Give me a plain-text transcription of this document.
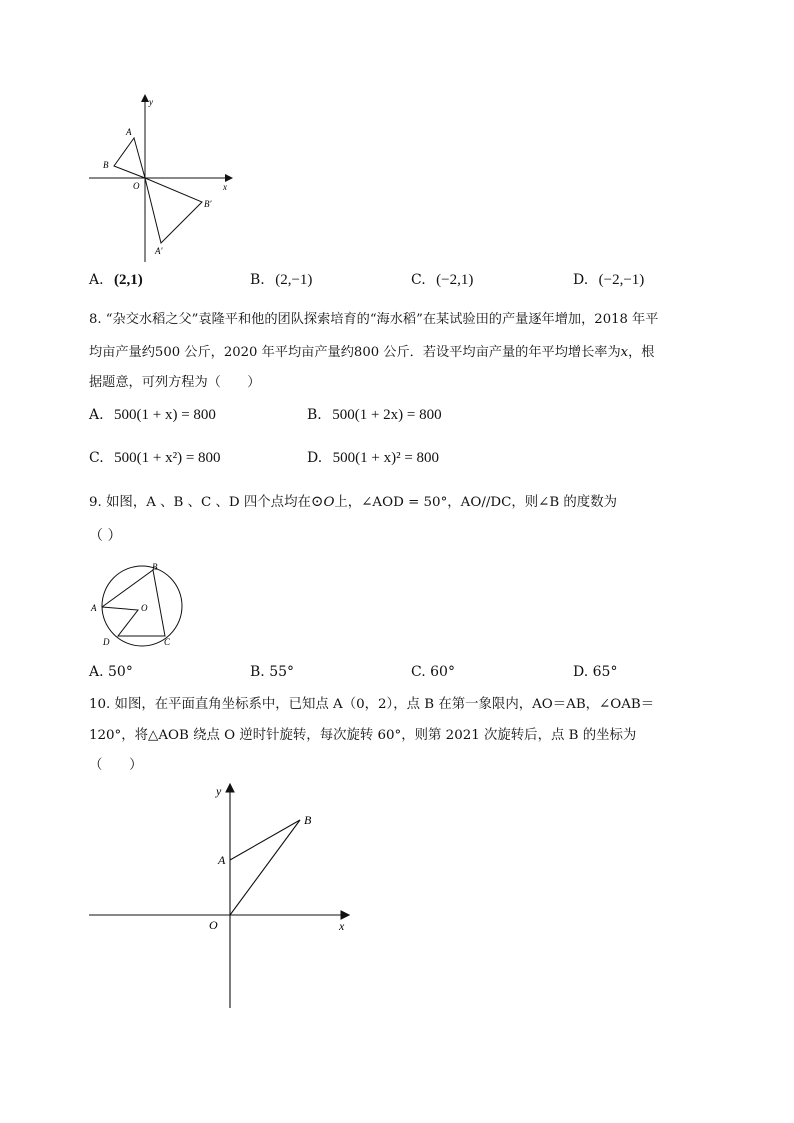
y
x
O
A
B
B'
A'
A. (2,1)	B. (2,−1)	C. (−2,1)	D. (−2,−1)
8. “杂交水稻之父”袁隆平和他的团队探索培育的“海水稻”在某试验田的产量逐年增加，2018 年平
均亩产量约500 公斤，2020 年平均亩产量约800 公斤．若设平均亩产量的年平均增长率为x，根
据题意，可列方程为（　　）
A. 500(1 + x) = 800	B. 500(1 + 2x) = 800
C. 500(1 + x²) = 800	D. 500(1 + x)² = 800
9. 如图，A 、B 、C 、D 四个点均在⊙O上，∠AOD = 50°，AO//DC，则∠B 的度数为
（ ）
B
A	O
D	C
A. 50°	B. 55°	C. 60°	D. 65°
10. 如图，在平面直角坐标系中，已知点 A（0，2），点 B 在第一象限内，AO＝AB，∠OAB＝
120°，将△AOB 绕点 O 逆时针旋转，每次旋转 60°，则第 2021 次旋转后，点 B 的坐标为
（　　）
y
x
O
A
B
